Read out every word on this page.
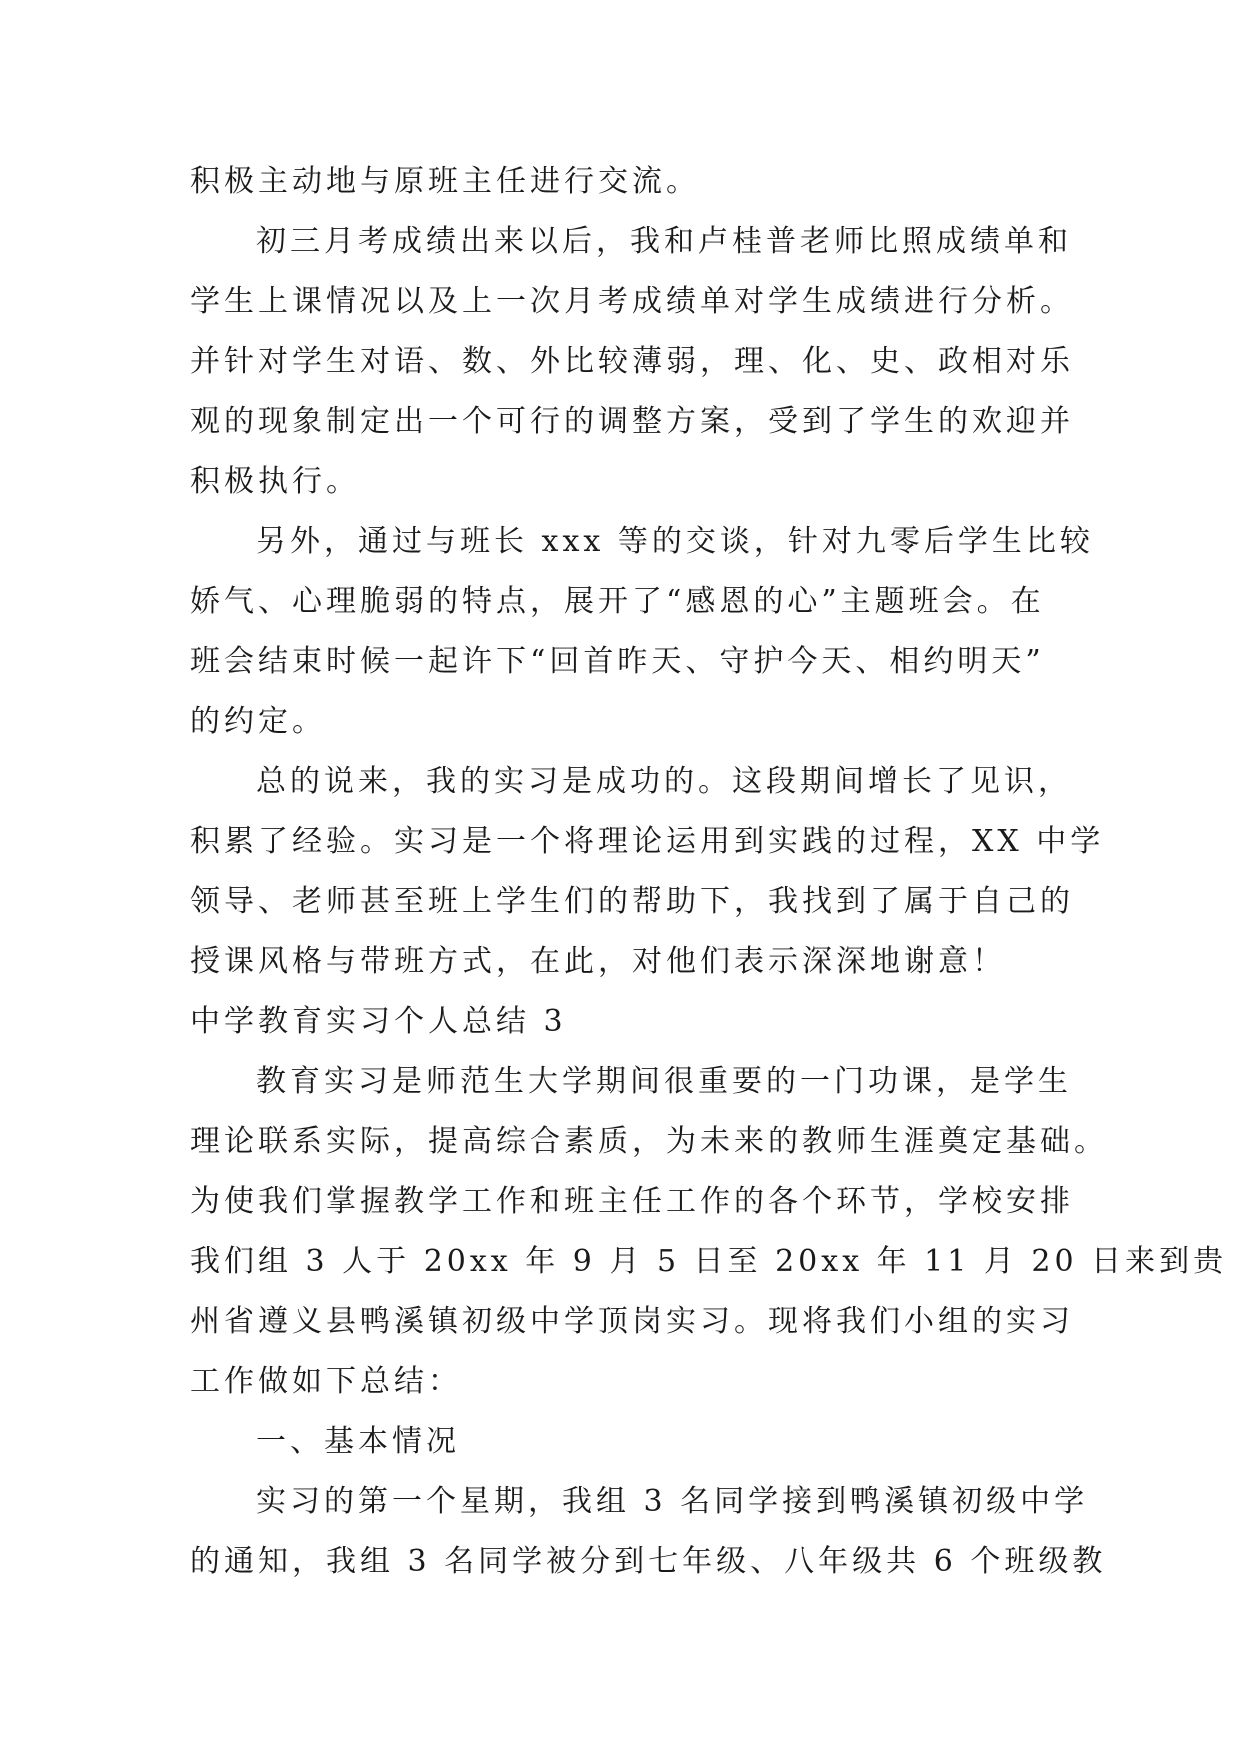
积极主动地与原班主任进行交流。
初三月考成绩出来以后，我和卢桂普老师比照成绩单和
学生上课情况以及上一次月考成绩单对学生成绩进行分析。
并针对学生对语、数、外比较薄弱，理、化、史、政相对乐
观的现象制定出一个可行的调整方案，受到了学生的欢迎并
积极执行。
另外，通过与班长 xxx 等的交谈，针对九零后学生比较
娇气、心理脆弱的特点，展开了“感恩的心”主题班会。在
班会结束时候一起许下“回首昨天、守护今天、相约明天”
的约定。
总的说来，我的实习是成功的。这段期间增长了见识，
积累了经验。实习是一个将理论运用到实践的过程，XX 中学
领导、老师甚至班上学生们的帮助下，我找到了属于自己的
授课风格与带班方式，在此，对他们表示深深地谢意！
中学教育实习个人总结 3
教育实习是师范生大学期间很重要的一门功课，是学生
理论联系实际，提高综合素质，为未来的教师生涯奠定基础。
为使我们掌握教学工作和班主任工作的各个环节，学校安排
我们组 3 人于 20xx 年 9 月 5 日至 20xx 年 11 月 20 日来到贵
州省遵义县鸭溪镇初级中学顶岗实习。现将我们小组的实习
工作做如下总结：
一、基本情况
实习的第一个星期，我组 3 名同学接到鸭溪镇初级中学
的通知，我组 3 名同学被分到七年级、八年级共 6 个班级教
